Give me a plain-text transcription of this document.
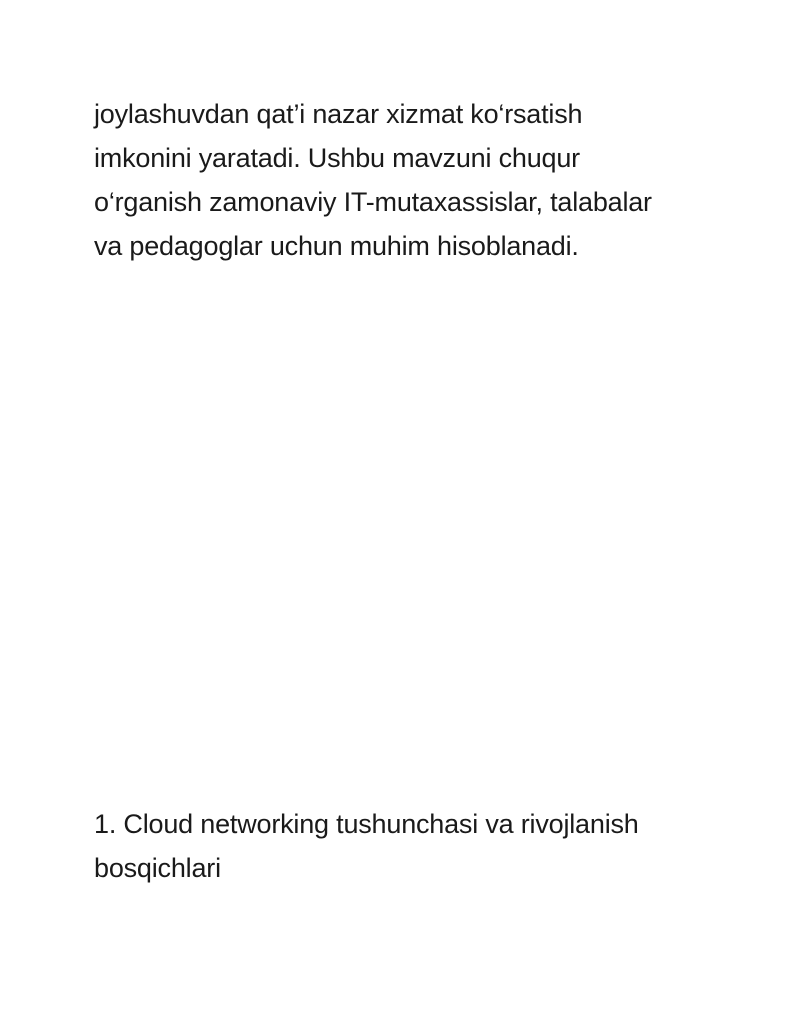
joylashuvdan qat’i nazar xizmat ko‘rsatish
imkonini yaratadi. Ushbu mavzuni chuqur
o‘rganish zamonaviy IT-mutaxassislar, talabalar
va pedagoglar uchun muhim hisoblanadi.

1. Cloud networking tushunchasi va rivojlanish
bosqichlari
